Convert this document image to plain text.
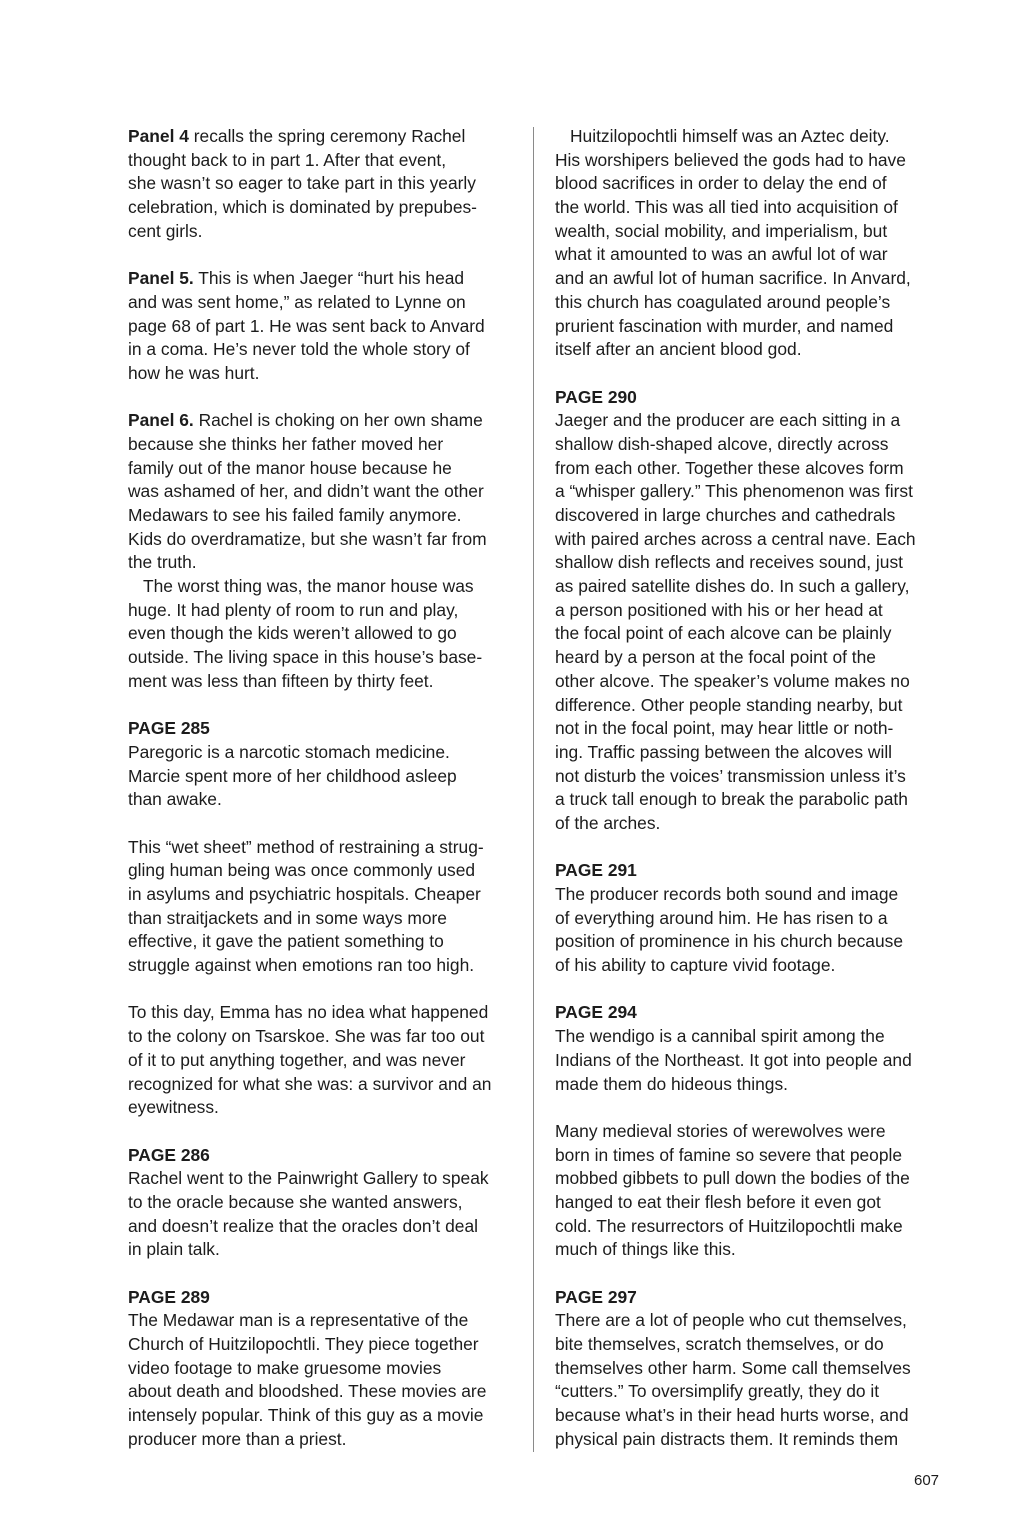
Panel 4 recalls the spring ceremony Rachel
thought back to in part 1. After that event,
she wasn’t so eager to take part in this yearly
celebration, which is dominated by prepubes-
cent girls.
Panel 5. This is when Jaeger “hurt his head
and was sent home,” as related to Lynne on
page 68 of part 1. He was sent back to Anvard
in a coma. He’s never told the whole story of
how he was hurt.
Panel 6. Rachel is choking on her own shame
because she thinks her father moved her
family out of the manor house because he
was ashamed of her, and didn’t want the other
Medawars to see his failed family anymore.
Kids do overdramatize, but she wasn’t far from
the truth.
The worst thing was, the manor house was
huge. It had plenty of room to run and play,
even though the kids weren’t allowed to go
outside. The living space in this house’s base-
ment was less than fifteen by thirty feet.
PAGE 285
Paregoric is a narcotic stomach medicine.
Marcie spent more of her childhood asleep
than awake.
This “wet sheet” method of restraining a strug-
gling human being was once commonly used
in asylums and psychiatric hospitals. Cheaper
than straitjackets and in some ways more
effective, it gave the patient something to
struggle against when emotions ran too high.
To this day, Emma has no idea what happened
to the colony on Tsarskoe. She was far too out
of it to put anything together, and was never
recognized for what she was: a survivor and an
eyewitness.
PAGE 286
Rachel went to the Painwright Gallery to speak
to the oracle because she wanted answers,
and doesn’t realize that the oracles don’t deal
in plain talk.
PAGE 289
The Medawar man is a representative of the
Church of Huitzilopochtli. They piece together
video footage to make gruesome movies
about death and bloodshed. These movies are
intensely popular. Think of this guy as a movie
producer more than a priest.
Huitzilopochtli himself was an Aztec deity.
His worshipers believed the gods had to have
blood sacrifices in order to delay the end of
the world. This was all tied into acquisition of
wealth, social mobility, and imperialism, but
what it amounted to was an awful lot of war
and an awful lot of human sacrifice. In Anvard,
this church has coagulated around people’s
prurient fascination with murder, and named
itself after an ancient blood god.
PAGE 290
Jaeger and the producer are each sitting in a
shallow dish-shaped alcove, directly across
from each other. Together these alcoves form
a “whisper gallery.” This phenomenon was first
discovered in large churches and cathedrals
with paired arches across a central nave. Each
shallow dish reflects and receives sound, just
as paired satellite dishes do. In such a gallery,
a person positioned with his or her head at
the focal point of each alcove can be plainly
heard by a person at the focal point of the
other alcove. The speaker’s volume makes no
difference. Other people standing nearby, but
not in the focal point, may hear little or noth-
ing. Traffic passing between the alcoves will
not disturb the voices’ transmission unless it’s
a truck tall enough to break the parabolic path
of the arches.
PAGE 291
The producer records both sound and image
of everything around him. He has risen to a
position of prominence in his church because
of his ability to capture vivid footage.
PAGE 294
The wendigo is a cannibal spirit among the
Indians of the Northeast. It got into people and
made them do hideous things.
Many medieval stories of werewolves were
born in times of famine so severe that people
mobbed gibbets to pull down the bodies of the
hanged to eat their flesh before it even got
cold. The resurrectors of Huitzilopochtli make
much of things like this.
PAGE 297
There are a lot of people who cut themselves,
bite themselves, scratch themselves, or do
themselves other harm. Some call themselves
“cutters.” To oversimplify greatly, they do it
because what’s in their head hurts worse, and
physical pain distracts them. It reminds them
607
